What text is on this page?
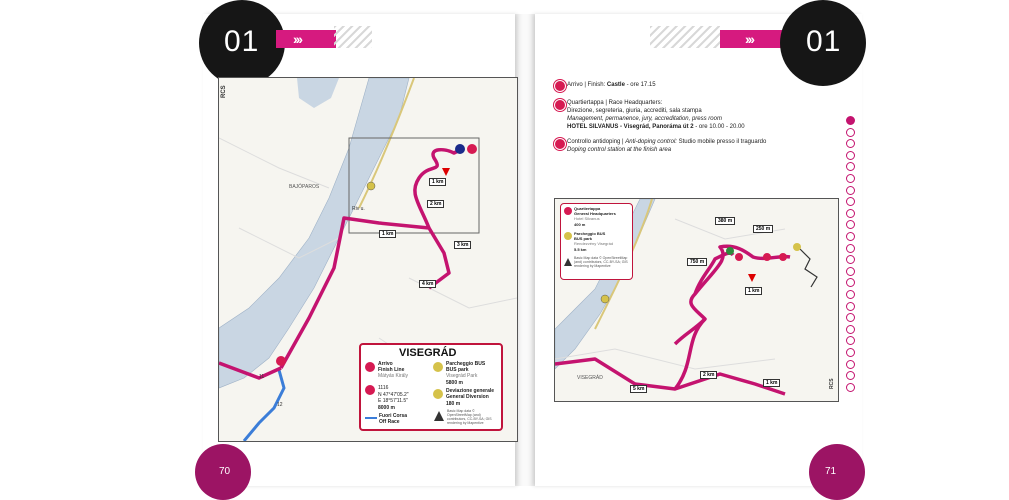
01 ›››	››› 01
RCS
BAJÓPAROS
Riv u.
11
12
1 km
2 km
3 km
4 km
1 km
VISEGRÁD
Arrivo
Finish Line
Mátyás Király
Parcheggio BUS
BUS park
Visegrád Park
5800 m
1116
N 47°47'05.2"
E 18°57'11.5"
8000 m
Deviazione generale
General Diversion
180 m
Fuori Corsa
Off Race
Basic Map data © OpenStreetMap (and) contributors, CC-BY-SA; GIS rendering by Mapentive
70
Arrivo | Finish: Castle - ore 17.15
Quartiertappa | Race Headquarters:
Direzione, segreteria, giuria, accrediti, sala stampa
Management, permanence, jury, accreditation, press room
HOTEL SILVANUS - Visegrád, Panoráma út 2 - ore 10.00 - 20.00
Controllo antidoping | Anti-doping control: Studio mobile presso il traguardo
Doping control station at the finish area
380 m
250 m
750 m
1 km
2 km
5 km
1 km
VISEGRÁD
RCS
Quartiertappa
General Headquarters
Hotel Silvanus
400 m
Parcheggio BUS
BUS park
Rendezvény Visegrád
5.5 km
Basic Map data © OpenStreetMap (and) contributors, CC-BY-SA; GIS rendering by Mapentive
71
